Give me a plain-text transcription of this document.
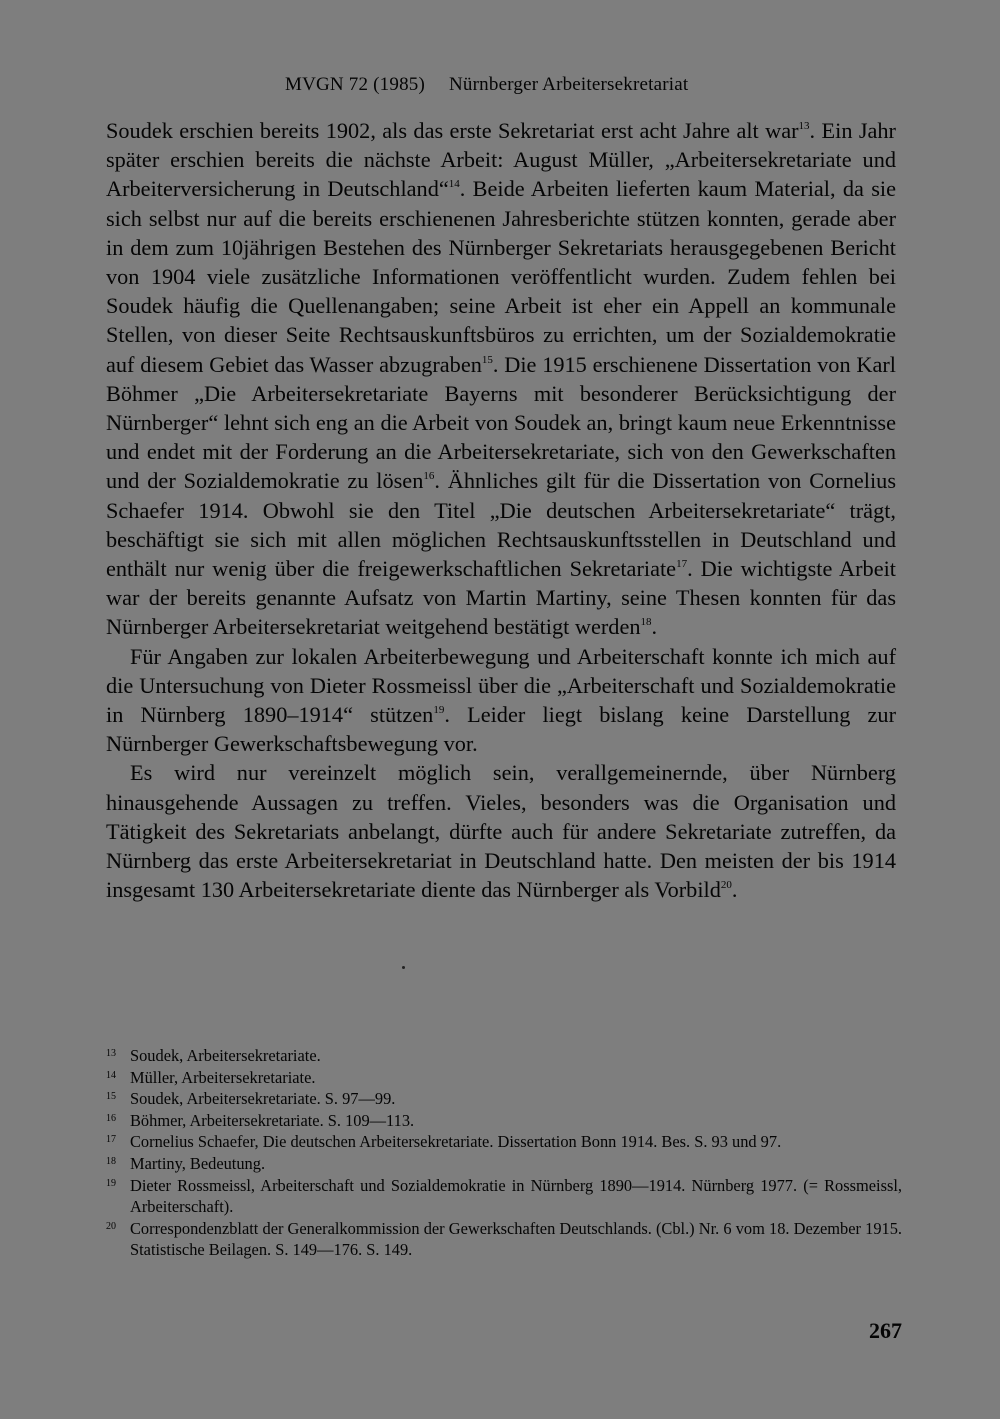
MVGN 72 (1985) Nürnberger Arbeitersekretariat

Soudek erschien bereits 1902, als das erste Sekretariat erst acht Jahre alt war$^{13}$. Ein Jahr später erschien bereits die nächste Arbeit: August Müller, „Arbeitersekretariate und Arbeiterversicherung in Deutschland“$^{14}$. Beide Arbeiten lieferten kaum Material, da sie sich selbst nur auf die bereits erschienenen Jahresberichte stützen konnten, gerade aber in dem zum 10jährigen Bestehen des Nürnberger Sekretariats herausgegebenen Bericht von 1904 viele zusätzliche Informationen veröffentlicht wurden. Zudem fehlen bei Soudek häufig die Quellenangaben; seine Arbeit ist eher ein Appell an kommunale Stellen, von dieser Seite Rechtsauskunftsbüros zu errichten, um der Sozialdemokratie auf diesem Gebiet das Wasser abzugraben$^{15}$. Die 1915 erschienene Dissertation von Karl Böhmer „Die Arbeitersekretariate Bayerns mit besonderer Berücksichtigung der Nürnberger“ lehnt sich eng an die Arbeit von Soudek an, bringt kaum neue Erkenntnisse und endet mit der Forderung an die Arbeitersekretariate, sich von den Gewerkschaften und der Sozialdemokratie zu lösen$^{16}$. Ähnliches gilt für die Dissertation von Cornelius Schaefer 1914. Obwohl sie den Titel „Die deutschen Arbeitersekretariate“ trägt, beschäftigt sie sich mit allen möglichen Rechtsauskunftsstellen in Deutschland und enthält nur wenig über die freigewerkschaftlichen Sekretariate$^{17}$. Die wichtigste Arbeit war der bereits genannte Aufsatz von Martin Martiny, seine Thesen konnten für das Nürnberger Arbeitersekretariat weitgehend bestätigt werden$^{18}$.

Für Angaben zur lokalen Arbeiterbewegung und Arbeiterschaft konnte ich mich auf die Untersuchung von Dieter Rossmeissl über die „Arbeiterschaft und Sozialdemokratie in Nürnberg 1890–1914“ stützen$^{19}$. Leider liegt bislang keine Darstellung zur Nürnberger Gewerkschaftsbewegung vor.

Es wird nur vereinzelt möglich sein, verallgemeinernde, über Nürnberg hinausgehende Aussagen zu treffen. Vieles, besonders was die Organisation und Tätigkeit des Sekretariats anbelangt, dürfte auch für andere Sekretariate zutreffen, da Nürnberg das erste Arbeitersekretariat in Deutschland hatte. Den meisten der bis 1914 insgesamt 130 Arbeitersekretariate diente das Nürnberger als Vorbild$^{20}$.

13 Soudek, Arbeitersekretariate.
14 Müller, Arbeitersekretariate.
15 Soudek, Arbeitersekretariate. S. 97—99.
16 Böhmer, Arbeitersekretariate. S. 109—113.
17 Cornelius Schaefer, Die deutschen Arbeitersekretariate. Dissertation Bonn 1914. Bes. S. 93 und 97.
18 Martiny, Bedeutung.
19 Dieter Rossmeissl, Arbeiterschaft und Sozialdemokratie in Nürnberg 1890—1914. Nürnberg 1977. (= Rossmeissl, Arbeiterschaft).
20 Correspondenzblatt der Generalkommission der Gewerkschaften Deutschlands. (Cbl.) Nr. 6 vom 18. Dezember 1915. Statistische Beilagen. S. 149—176. S. 149.
267
